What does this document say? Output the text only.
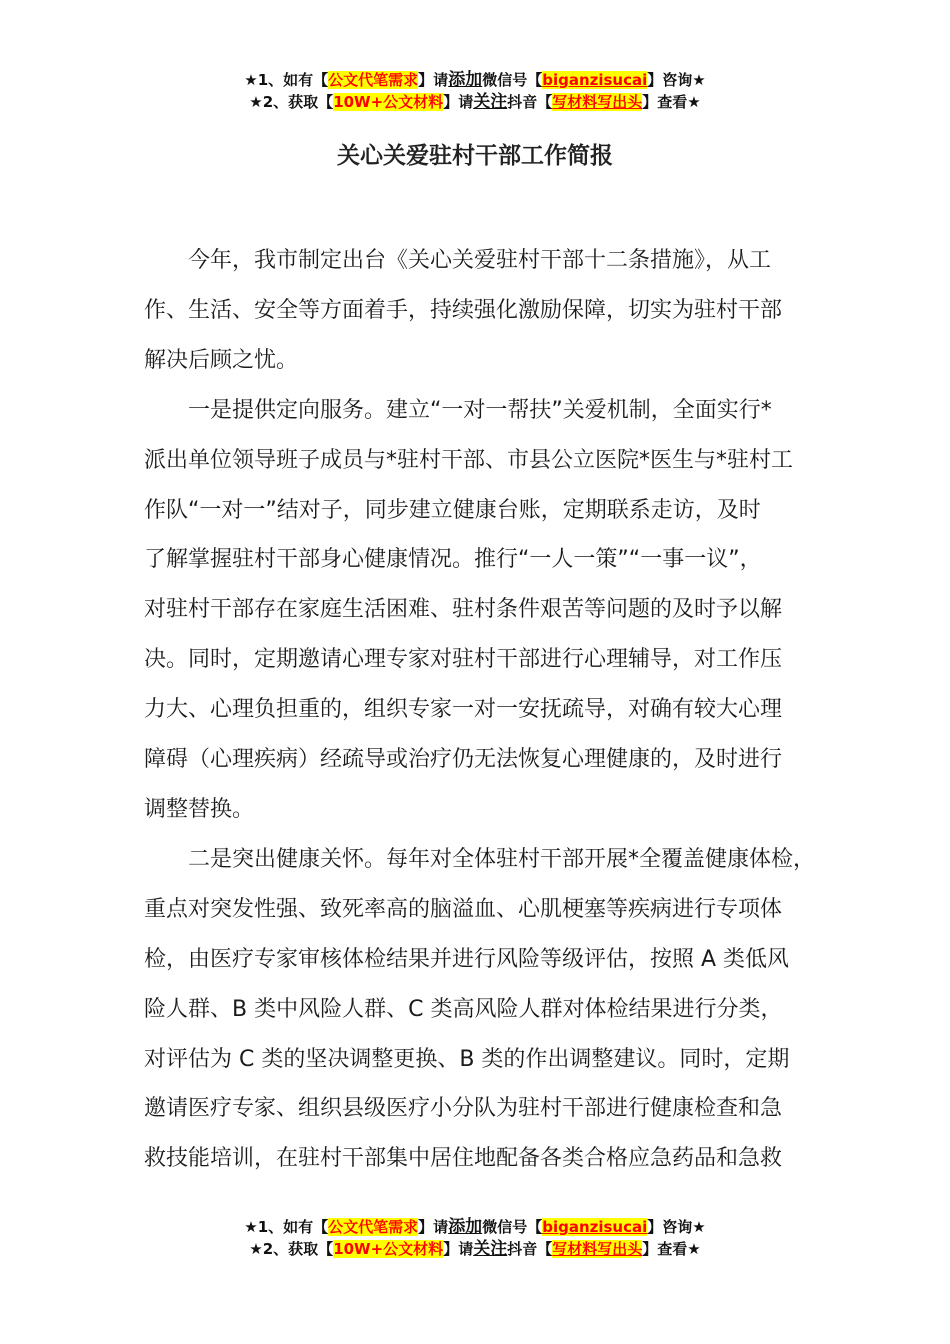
★1、如有【公文代笔需求】请添加微信号【biganzisucai】咨询★
★2、获取【10W+公文材料】请关注抖音【写材料写出头】查看★
关心关爱驻村干部工作简报
今年，我市制定出台《关心关爱驻村干部十二条措施》，从工
作、生活、安全等方面着手，持续强化激励保障，切实为驻村干部
解决后顾之忧。
一是提供定向服务。建立“一对一帮扶”关爱机制，全面实行*
派出单位领导班子成员与*驻村干部、市县公立医院*医生与*驻村工
作队“一对一”结对子，同步建立健康台账，定期联系走访，及时
了解掌握驻村干部身心健康情况。推行“一人一策”“一事一议”，
对驻村干部存在家庭生活困难、驻村条件艰苦等问题的及时予以解
决。同时，定期邀请心理专家对驻村干部进行心理辅导，对工作压
力大、心理负担重的，组织专家一对一安抚疏导，对确有较大心理
障碍（心理疾病）经疏导或治疗仍无法恢复心理健康的，及时进行
调整替换。
二是突出健康关怀。每年对全体驻村干部开展*全覆盖健康体检，
重点对突发性强、致死率高的脑溢血、心肌梗塞等疾病进行专项体
检，由医疗专家审核体检结果并进行风险等级评估，按照 A 类低风
险人群、B 类中风险人群、C 类高风险人群对体检结果进行分类，
对评估为 C 类的坚决调整更换、B 类的作出调整建议。同时，定期
邀请医疗专家、组织县级医疗小分队为驻村干部进行健康检查和急
救技能培训，在驻村干部集中居住地配备各类合格应急药品和急救
★1、如有【公文代笔需求】请添加微信号【biganzisucai】咨询★
★2、获取【10W+公文材料】请关注抖音【写材料写出头】查看★
